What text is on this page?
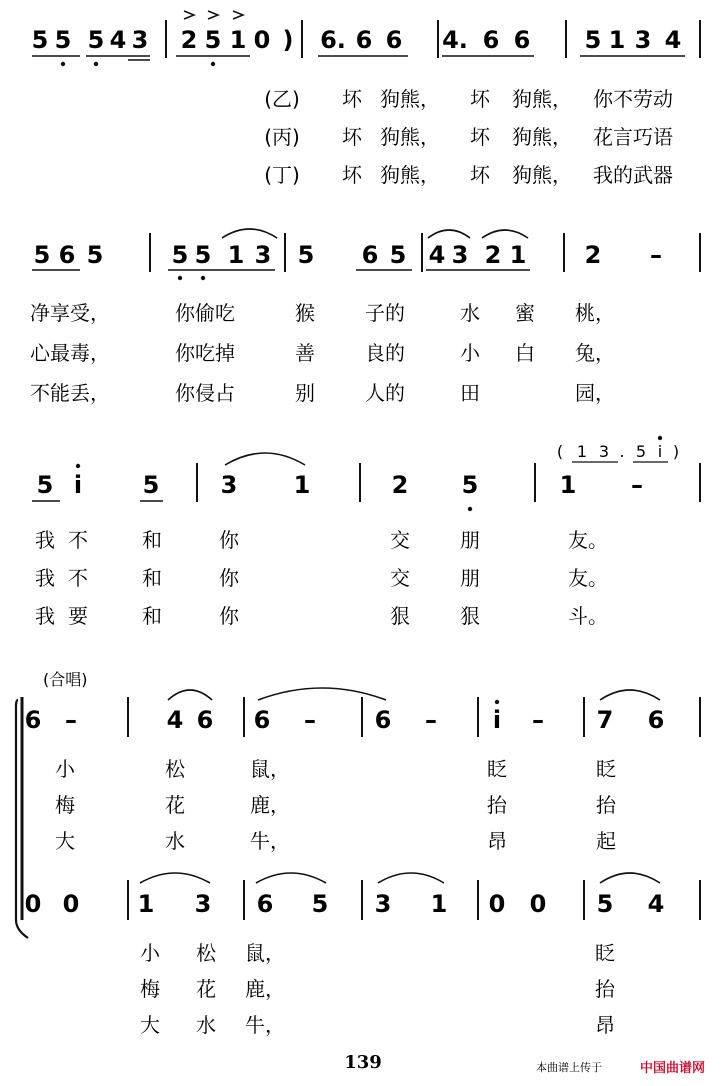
5 5 5 4 3 2 5 1 0 ) 6. 6 6 4. 6 6 5 1 3 4
(乙) 坏 狗熊， 坏 狗熊， 你不劳动
(丙) 坏 狗熊， 坏 狗熊， 花言巧语
(丁) 坏 狗熊， 坏 狗熊， 我的武器
5 6 5	5 5 1 3 5 6 5 4 3 2 1 2 –
净享受，	你偷吃	猴	子的	水 蜜 桃，
心最毒，	你吃掉	善	良的	小 白 兔，
不能丢，	你侵占	别	人的	田	园，
5 i	5	3 1	2 5	1 –
( 1 3 . 5 i )
我 不	和	你	交	朋	友。
我 不	和	你	交	朋	友。
我 要	和	你	狠	狠	斗。
(合唱)
6 –	4 6 6 – 6 – i – 7 6
小	松	鼠，	眨	眨
梅	花	鹿，	抬	抬
大	水	牛，	昂	起
0 0 1 3 6 5 3 1 0 0 5 4
小 松 鼠，	眨
梅 花 鹿，	抬
大 水 牛，	昂
139	本曲谱上传于	中国曲谱网
